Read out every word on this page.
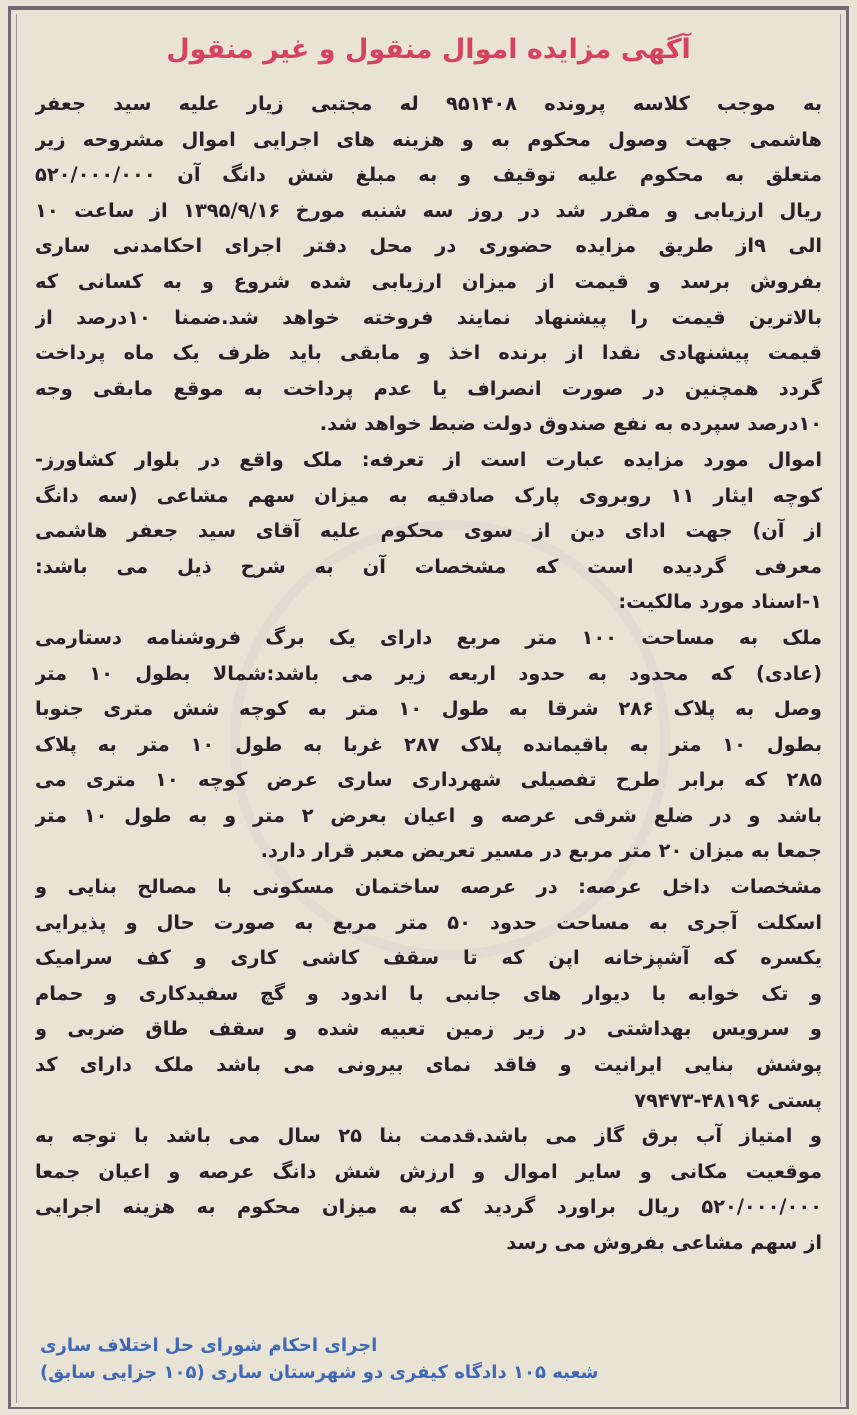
آگهی مزایده اموال منقول و غیر منقول
به موجب کلاسه پرونده ۹۵۱۴۰۸ له مجتبی زیار علیه سید جعفر
هاشمی جهت وصول محکوم به و هزینه های اجرایی اموال مشروحه زیر
متعلق به محکوم علیه توقیف و به مبلغ شش دانگ آن ۵۲۰/۰۰۰/۰۰۰
ریال ارزیابی و مقرر شد در روز سه شنبه مورخ ۱۳۹۵/۹/۱۶ از ساعت ۱۰
الی ۹از طریق مزایده حضوری در محل دفتر اجرای احکامدنی ساری
بفروش برسد و قیمت از میزان ارزیابی شده شروع و به کسانی که
بالاترین قیمت را پیشنهاد نمایند فروخته خواهد شد.ضمنا ۱۰درصد از
قیمت پیشنهادی نقدا از برنده اخذ و مابقی باید ظرف یک ماه پرداخت
گردد همچنین در صورت انصراف یا عدم پرداخت به موقع مابقی وجه
۱۰درصد سپرده به نفع صندوق دولت ضبط خواهد شد.
اموال مورد مزایده عبارت است از تعرفه: ملک واقع در بلوار کشاورز-
کوچه ایثار ۱۱ روبروی پارک صادقیه به میزان سهم مشاعی (سه دانگ
از آن) جهت ادای دین از سوی محکوم علیه آقای سید جعفر هاشمی
معرفی گردیده است که مشخصات آن به شرح ذیل می باشد:
۱-اسناد مورد مالکیت:
ملک به مساحت ۱۰۰ متر مربع دارای یک برگ فروشنامه دستارمی
(عادی) که محدود به حدود اربعه زیر می باشد:شمالا بطول ۱۰ متر
وصل به پلاک ۲۸۶ شرقا به طول ۱۰ متر به کوچه شش متری جنوبا
بطول ۱۰ متر به باقیمانده پلاک ۲۸۷ غربا به طول ۱۰ متر به پلاک
۲۸۵ که برابر طرح تفصیلی شهرداری ساری عرض کوچه ۱۰ متری می
باشد و در ضلع شرقی عرصه و اعیان بعرض ۲ متر و به طول ۱۰ متر
جمعا به میزان ۲۰ متر مربع در مسیر تعریض معبر قرار دارد.
مشخصات داخل عرصه: در عرصه ساختمان مسکونی با مصالح بنایی و
اسکلت آجری به مساحت حدود ۵۰ متر مربع به صورت حال و پذیرایی
یکسره که آشپزخانه اپن که تا سقف کاشی کاری و کف سرامیک
و تک خوابه با دیوار های جانبی با اندود و گچ سفیدکاری و حمام
و سرویس بهداشتی در زیر زمین تعبیه شده و سقف طاق ضربی و
پوشش بنایی ایرانیت و فاقد نمای بیرونی می باشد ملک دارای کد
پستی ۴۸۱۹۶-۷۹۴۷۳
و امتیاز آب برق گاز می باشد.قدمت بنا ۲۵ سال می باشد با توجه به
موقعیت مکانی و سایر اموال و ارزش شش دانگ عرصه و اعیان جمعا
۵۲۰/۰۰۰/۰۰۰ ریال براورد گردید که به میزان محکوم به هزینه اجرایی
از سهم مشاعی بفروش می رسد
اجرای احکام شورای حل اختلاف ساری
شعبه ۱۰۵ دادگاه کیفری دو شهرستان ساری (۱۰۵ جزایی سابق)
